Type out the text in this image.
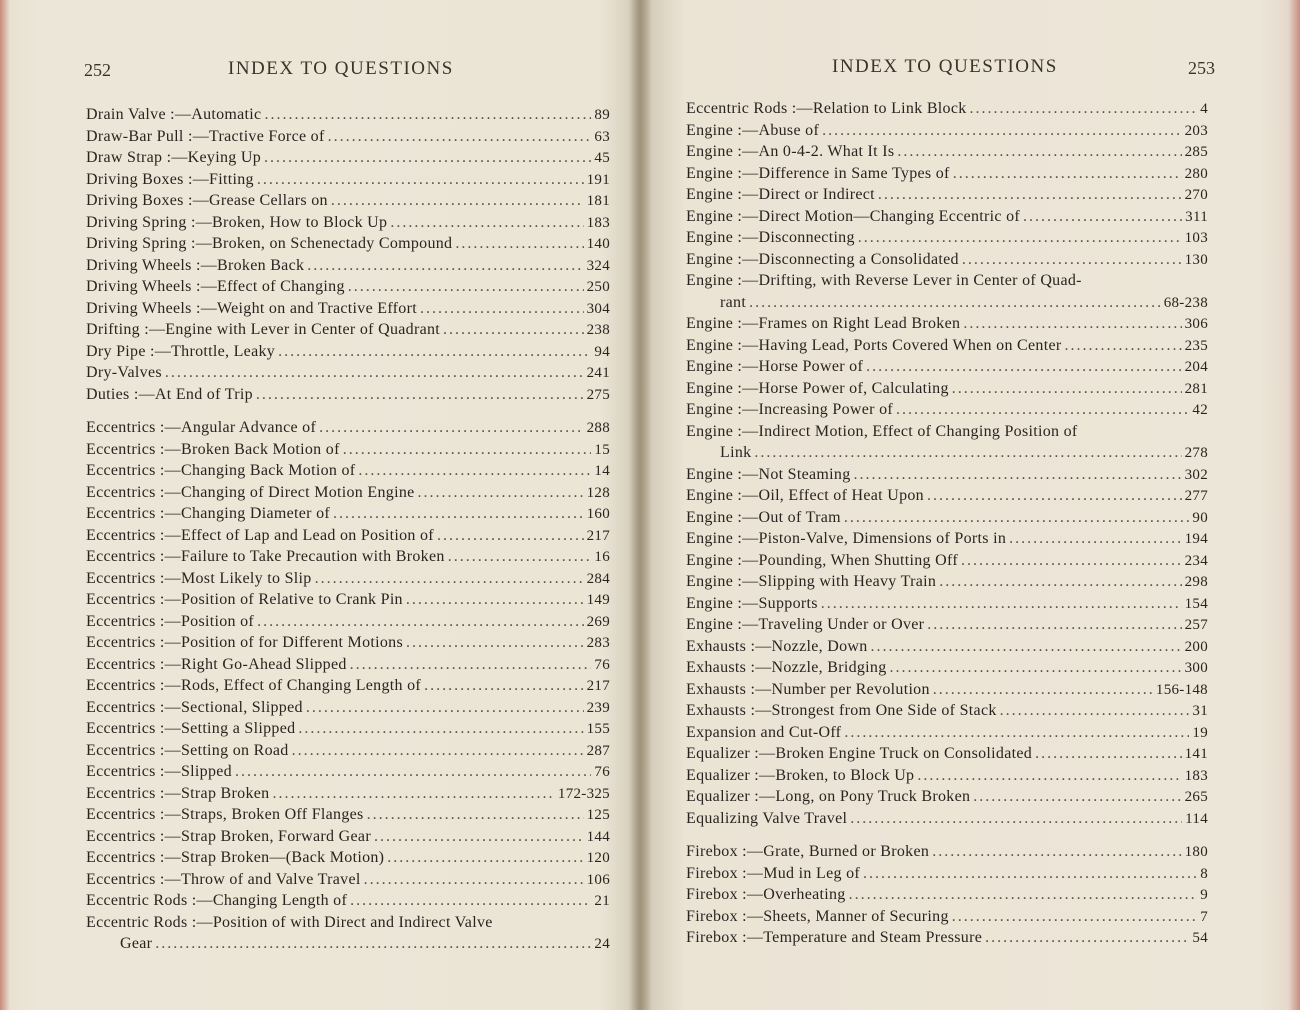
252	INDEX TO QUESTIONS
Drain Valve :—Automatic . . .	89
Draw-Bar Pull :—Tractive Force of . . .	63
Draw Strap :—Keying Up . . .	45
Driving Boxes :—Fitting . . .	191
Driving Boxes :—Grease Cellars on . . .	181
Driving Spring :—Broken, How to Block Up . . .	183
Driving Spring :—Broken, on Schenectady Compound . . .	140
Driving Wheels :—Broken Back . . .	324
Driving Wheels :—Effect of Changing . . .	250
Driving Wheels :—Weight on and Tractive Effort . . .	304
Drifting :—Engine with Lever in Center of Quadrant . . .	238
Dry Pipe :—Throttle, Leaky . . .	94
Dry-Valves . . .	241
Duties :—At End of Trip . . .	275
Eccentrics :—Angular Advance of . . .	288
Eccentrics :—Broken Back Motion of . . .	15
Eccentrics :—Changing Back Motion of . . .	14
Eccentrics :—Changing of Direct Motion Engine . . .	128
Eccentrics :—Changing Diameter of . . .	160
Eccentrics :—Effect of Lap and Lead on Position of . . .	217
Eccentrics :—Failure to Take Precaution with Broken . . .	16
Eccentrics :—Most Likely to Slip . . .	284
Eccentrics :—Position of Relative to Crank Pin . . .	149
Eccentrics :—Position of . . .	269
Eccentrics :—Position of for Different Motions . . .	283
Eccentrics :—Right Go-Ahead Slipped . . .	76
Eccentrics :—Rods, Effect of Changing Length of . . .	217
Eccentrics :—Sectional, Slipped . . .	239
Eccentrics :—Setting a Slipped . . .	155
Eccentrics :—Setting on Road . . .	287
Eccentrics :—Slipped . . .	76
Eccentrics :—Strap Broken . . .	172-325
Eccentrics :—Straps, Broken Off Flanges . . .	125
Eccentrics :—Strap Broken, Forward Gear . . .	144
Eccentrics :—Strap Broken—(Back Motion) . . .	120
Eccentrics :—Throw of and Valve Travel . . .	106
Eccentric Rods :—Changing Length of . . .	21
Eccentric Rods :—Position of with Direct and Indirect Valve
Gear . . .	24
INDEX TO QUESTIONS	253
Eccentric Rods :—Relation to Link Block . . .	4
Engine :—Abuse of . . .	203
Engine :—An 0-4-2. What It Is . . .	285
Engine :—Difference in Same Types of . . .	280
Engine :—Direct or Indirect . . .	270
Engine :—Direct Motion—Changing Eccentric of . . .	311
Engine :—Disconnecting . . .	103
Engine :—Disconnecting a Consolidated . . .	130
Engine :—Drifting, with Reverse Lever in Center of Quad-
rant . . .	68-238
Engine :—Frames on Right Lead Broken . . .	306
Engine :—Having Lead, Ports Covered When on Center . . .	235
Engine :—Horse Power of . . .	204
Engine :—Horse Power of, Calculating . . .	281
Engine :—Increasing Power of . . .	42
Engine :—Indirect Motion, Effect of Changing Position of
Link . . .	278
Engine :—Not Steaming . . .	302
Engine :—Oil, Effect of Heat Upon . . .	277
Engine :—Out of Tram . . .	90
Engine :—Piston-Valve, Dimensions of Ports in . . .	194
Engine :—Pounding, When Shutting Off . . .	234
Engine :—Slipping with Heavy Train . . .	298
Engine :—Supports . . .	154
Engine :—Traveling Under or Over . . .	257
Exhausts :—Nozzle, Down . . .	200
Exhausts :—Nozzle, Bridging . . .	300
Exhausts :—Number per Revolution . . .	156-148
Exhausts :—Strongest from One Side of Stack . . .	31
Expansion and Cut-Off . . .	19
Equalizer :—Broken Engine Truck on Consolidated . . .	141
Equalizer :—Broken, to Block Up . . .	183
Equalizer :—Long, on Pony Truck Broken . . .	265
Equalizing Valve Travel . . .	114
Firebox :—Grate, Burned or Broken . . .	180
Firebox :—Mud in Leg of . . .	8
Firebox :—Overheating . . .	9
Firebox :—Sheets, Manner of Securing . . .	7
Firebox :—Temperature and Steam Pressure . . .	54
